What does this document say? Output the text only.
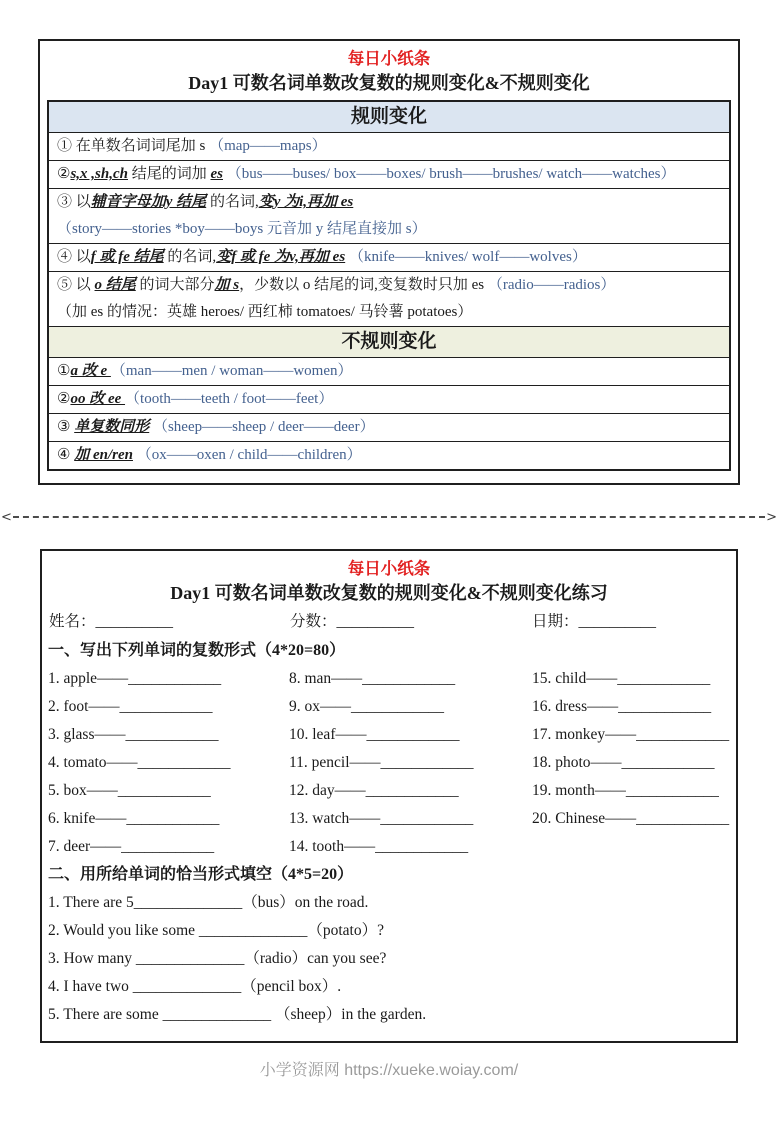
每日小纸条
Day1 可数名词单数改复数的规则变化&不规则变化
规则变化
① 在单数名词词尾加 s （map——maps）
②s,x ,sh,ch 结尾的词加 es （bus——buses/ box——boxes/ brush——brushes/ watch——watches）
③ 以辅音字母加y 结尾 的名词,变y 为i,再加 es
（story——stories *boy——boys 元音加 y 结尾直接加 s）
④ 以f 或 fe 结尾 的名词,变f 或 fe 为v,再加 es （knife——knives/ wolf——wolves）
⑤ 以 o 结尾 的词大部分加 s，少数以 o 结尾的词,变复数时只加 es （radio——radios）
（加 es 的情况：英雄 heroes/ 西红柿 tomatoes/ 马铃薯 potatoes）
不规则变化
①a 改 e （man——men / woman——women）
②oo 改 ee （tooth——teeth / foot——feet）
③ 单复数同形 （sheep——sheep / deer——deer）
④ 加 en/ren （ox——oxen / child——children）
<	>
每日小纸条
Day1 可数名词单数改复数的规则变化&不规则变化练习
姓名：__________	分数：__________	日期：__________
一、写出下列单词的复数形式（4*20=80）
1. apple——____________
2. foot——____________
3. glass——____________
4. tomato——____________
5. box——____________
6. knife——____________
7. deer——____________
8. man——____________
9. ox——____________
10. leaf——____________
11. pencil——____________
12. day——____________
13. watch——____________
14. tooth——____________
15. child——____________
16. dress——____________
17. monkey——____________
18. photo——____________
19. month——____________
20. Chinese——____________
二、用所给单词的恰当形式填空（4*5=20）
1. There are 5______________（bus）on the road.
2. Would you like some ______________（potato）?
3. How many ______________（radio）can you see?
4. I have two ______________（pencil box）.
5. There are some ______________ （sheep）in the garden.
小学资源网 https://xueke.woiay.com/
